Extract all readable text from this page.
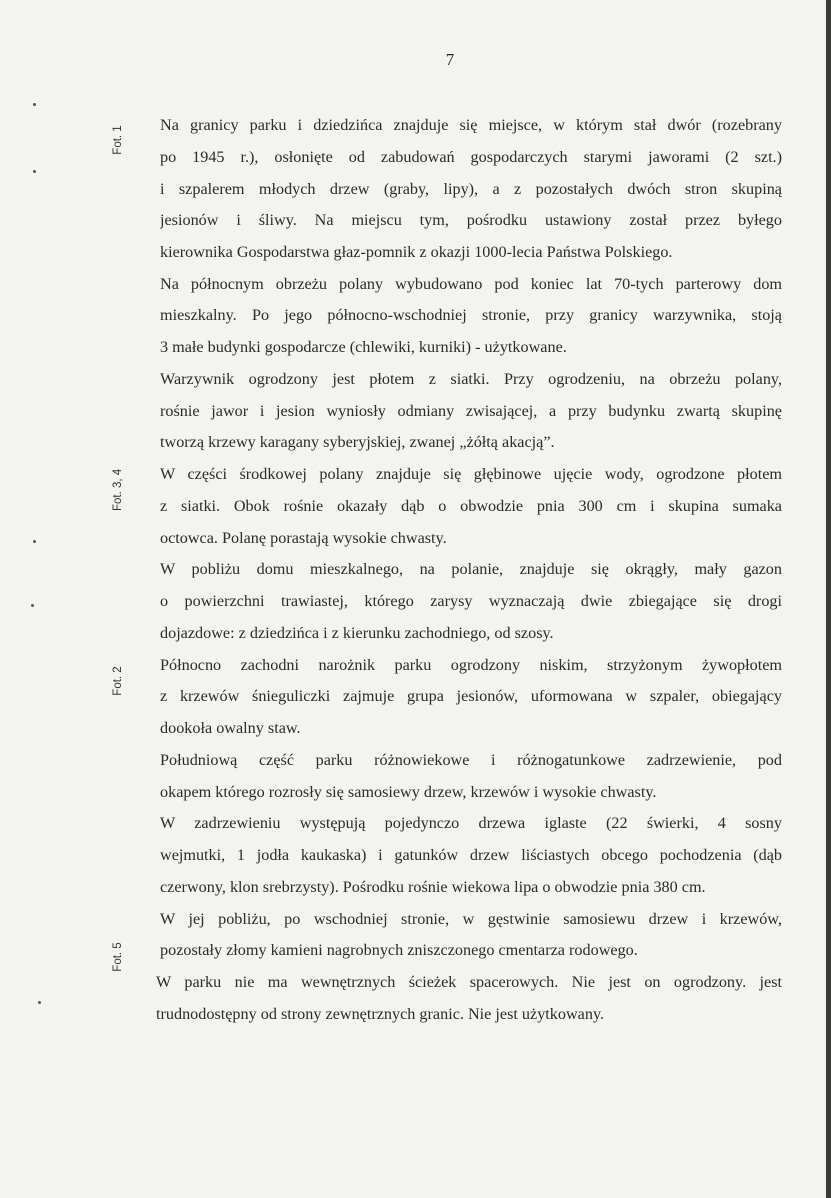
7
Fot. 1
Fot. 3, 4
Fot. 2
Fot. 5
Na granicy parku i dziedzińca znajduje się miejsce, w którym stał dwór (rozebrany
po 1945 r.), osłonięte od zabudowań gospodarczych starymi jaworami (2 szt.)
i szpalerem młodych drzew (graby, lipy), a z pozostałych dwóch stron skupiną
jesionów i śliwy. Na miejscu tym, pośrodku ustawiony został przez byłego
kierownika Gospodarstwa głaz-pomnik z okazji 1000-lecia Państwa Polskiego.
Na północnym obrzeżu polany wybudowano pod koniec lat 70-tych parterowy dom
mieszkalny. Po jego północno-wschodniej stronie, przy granicy warzywnika, stoją
3 małe budynki gospodarcze (chlewiki, kurniki) - użytkowane.
Warzywnik ogrodzony jest płotem z siatki. Przy ogrodzeniu, na obrzeżu polany,
rośnie jawor i jesion wyniosły odmiany zwisającej, a przy budynku zwartą skupinę
tworzą krzewy karagany syberyjskiej, zwanej „żółtą akacją”.
W części środkowej polany znajduje się głębinowe ujęcie wody, ogrodzone płotem
z siatki. Obok rośnie okazały dąb o obwodzie pnia 300 cm i skupina sumaka
octowca. Polanę porastają wysokie chwasty.
W pobliżu domu mieszkalnego, na polanie, znajduje się okrągły, mały gazon
o powierzchni trawiastej, którego zarysy wyznaczają dwie zbiegające się drogi
dojazdowe: z dziedzińca i z kierunku zachodniego, od szosy.
Północno zachodni narożnik parku ogrodzony niskim, strzyżonym żywopłotem
z krzewów śnieguliczki zajmuje grupa jesionów, uformowana w szpaler, obiegający
dookoła owalny staw.
Południową część parku różnowiekowe i różnogatunkowe zadrzewienie, pod
okapem którego rozrosły się samosiewy drzew, krzewów i wysokie chwasty.
W zadrzewieniu występują pojedynczo drzewa iglaste (22 świerki, 4 sosny
wejmutki, 1 jodła kaukaska) i gatunków drzew liściastych obcego pochodzenia (dąb
czerwony, klon srebrzysty). Pośrodku rośnie wiekowa lipa o obwodzie pnia 380 cm.
W jej pobliżu, po wschodniej stronie, w gęstwinie samosiewu drzew i krzewów,
pozostały złomy kamieni nagrobnych zniszczonego cmentarza rodowego.
W parku nie ma wewnętrznych ścieżek spacerowych. Nie jest on ogrodzony. jest
trudnodostępny od strony zewnętrznych granic. Nie jest użytkowany.
